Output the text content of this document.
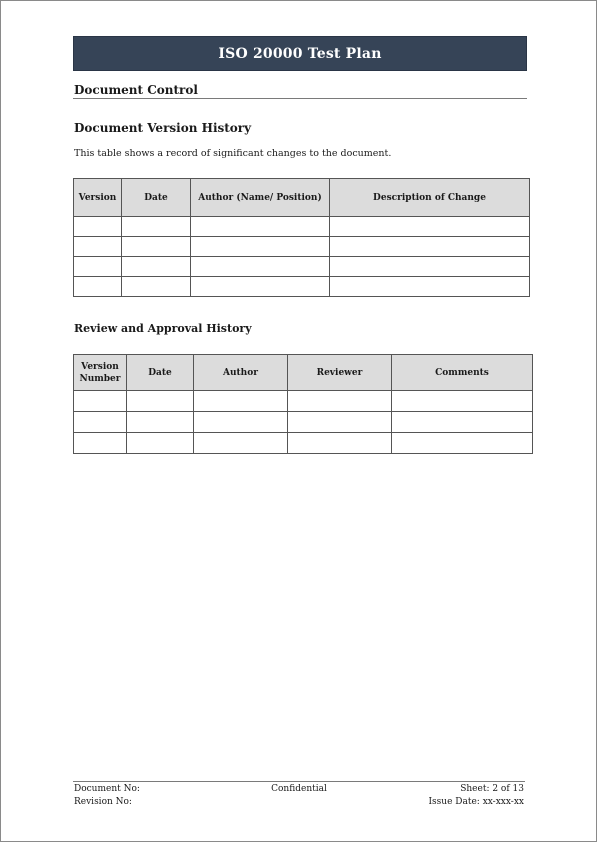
ISO 20000 Test Plan
Document Control
Document Version History
This table shows a record of significant changes to the document.
Version	Date	Author (Name/ Position)	Description of Change

Review and Approval History
Version Number	Date	Author	Reviewer	Comments

Document No:	Confidential	Sheet: 2 of 13
Revision No:	Issue Date: xx-xxx-xx
